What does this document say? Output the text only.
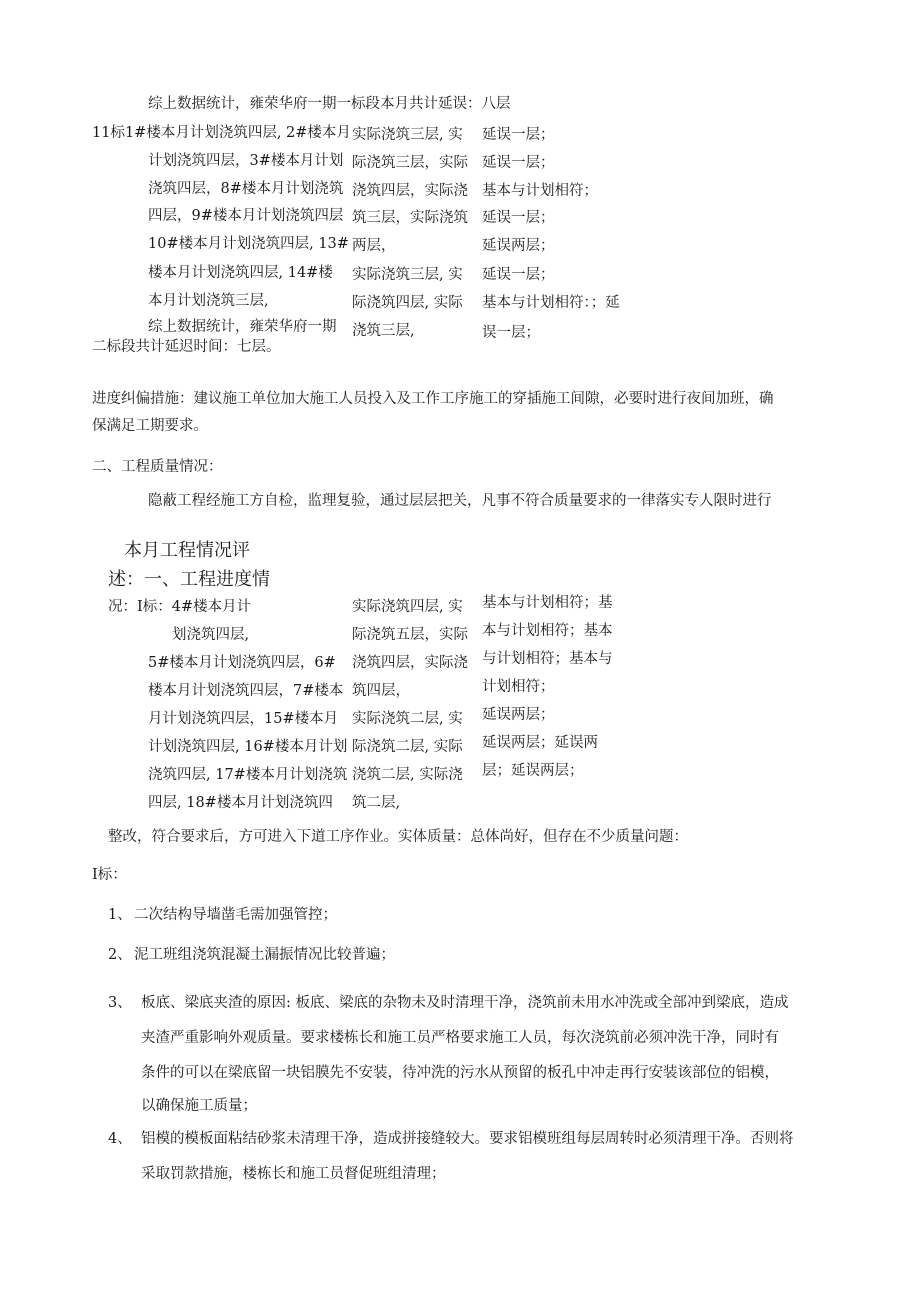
综上数据统计，雍荣华府一期一标段本月共计延误：八层

11标1#楼本月计划浇筑四层, 2#楼本月

计划浇筑四层，3#楼本月计划

浇筑四层，8#楼本月计划浇筑

四层，9#楼本月计划浇筑四层

10#楼本月计划浇筑四层, 13#

楼本月计划浇筑四层, 14#楼

本月计划浇筑三层,

综上数据统计，雍荣华府一期

二标段共计延迟时间：七层。

实际浇筑三层, 实

际浇筑三层，实际

浇筑四层，实际浇

筑三层，实际浇筑

两层，

实际浇筑三层, 实

际浇筑四层, 实际

浇筑三层,

延误一层；

延误一层；

基本与计划相符；

延误一层；

延误两层；

延误一层；

基本与计划相符：；延

误一层；

进度纠偏措施：建议施工单位加大施工人员投入及工作工序施工的穿插施工间隙，必要时进行夜间加班，确

保满足工期要求。

二、工程质量情况：

隐蔽工程经施工方自检，监理复验，通过层层把关，凡事不符合质量要求的一律落实专人限时进行

本月工程情况评

述：一、工程进度情

况：I标：4#楼本月计

划浇筑四层,

5#楼本月计划浇筑四层，6#

楼本月计划浇筑四层，7#楼本

月计划浇筑四层，15#楼本月

计划浇筑四层, 16#楼本月计划

浇筑四层, 17#楼本月计划浇筑

四层, 18#楼本月计划浇筑四

实际浇筑四层, 实

际浇筑五层，实际

浇筑四层，实际浇

筑四层，

实际浇筑二层, 实

际浇筑二层, 实际

浇筑二层, 实际浇

筑二层,

基本与计划相符；基

本与计划相符；基本

与计划相符；基本与

计划相符；

延误两层；

延误两层；延误两

层；延误两层；

整改，符合要求后，方可进入下道工序作业。实体质量：总体尚好，但存在不少质量问题：

I标：

1、 二次结构导墙凿毛需加强管控；

2、 泥工班组浇筑混凝土漏振情况比较普遍；

3、 板底、梁底夹渣的原因: 板底、梁底的杂物未及时清理干净，浇筑前未用水冲洗或全部冲到梁底，造成

夹渣严重影响外观质量。要求楼栋长和施工员严格要求施工人员，每次浇筑前必须冲洗干净，同时有

条件的可以在梁底留一块铝膜先不安装，待冲洗的污水从预留的板孔中冲走再行安装该部位的铝模，

以确保施工质量；

4、 铝模的模板面粘结砂浆未清理干净，造成拼接缝较大。要求铝模班组每层周转时必须清理干净。否则将

采取罚款措施，楼栋长和施工员督促班组清理；
